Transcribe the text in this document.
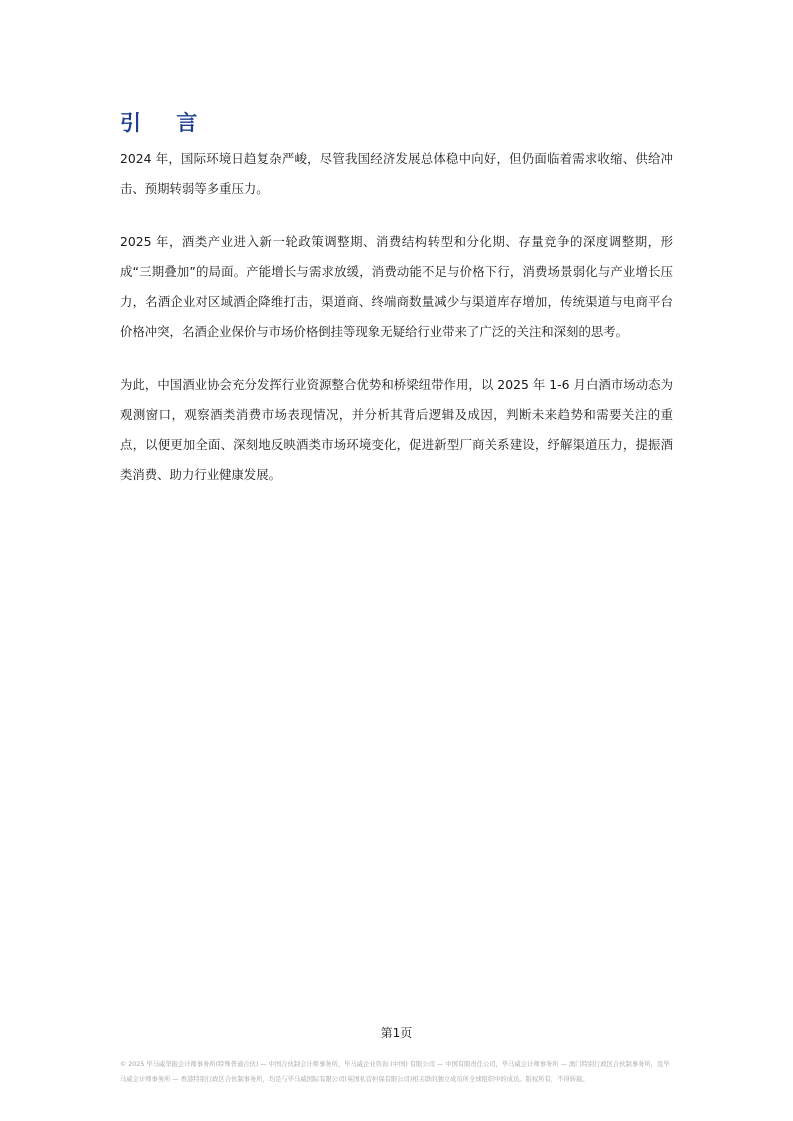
引 言

2024 年，国际环境日趋复杂严峻，尽管我国经济发展总体稳中向好，但仍面临着需求收缩、供给冲击、预期转弱等多重压力。

2025 年，酒类产业进入新一轮政策调整期、消费结构转型和分化期、存量竞争的深度调整期，形成“三期叠加”的局面。产能增长与需求放缓，消费动能不足与价格下行，消费场景弱化与产业增长压力，名酒企业对区域酒企降维打击，渠道商、终端商数量减少与渠道库存增加，传统渠道与电商平台价格冲突，名酒企业保价与市场价格倒挂等现象无疑给行业带来了广泛的关注和深刻的思考。

为此，中国酒业协会充分发挥行业资源整合优势和桥梁纽带作用，以 2025 年 1-6 月白酒市场动态为观测窗口，观察酒类消费市场表现情况，并分析其背后逻辑及成因，判断未来趋势和需要关注的重点，以便更加全面、深刻地反映酒类市场环境变化，促进新型厂商关系建设，纾解渠道压力，提振酒类消费、助力行业健康发展。

第1页
© 2025 毕马威华振会计师事务所(特殊普通合伙) — 中国合伙制会计师事务所，毕马威企业咨询 (中国) 有限公司 — 中国有限责任公司，毕马威会计师事务所 — 澳门特别行政区合伙制事务所，及毕马威会计师事务所 — 香港特别行政区合伙制事务所，均是与毕马威国际有限公司(英国私营担保有限公司)相关联的独立成员所全球组织中的成员。版权所有，不得转载。
